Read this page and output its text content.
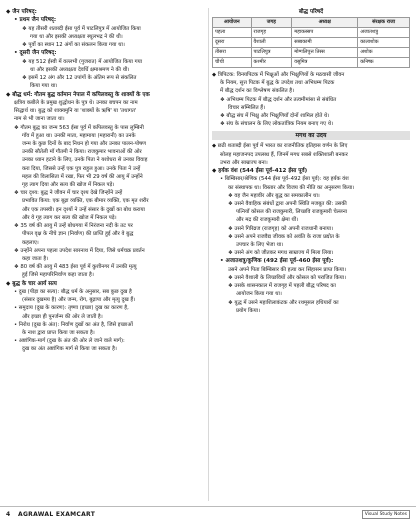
◆ जैन परिषद्:

• प्रथम जैन परिषद्:

❖ यह तीसरी शताब्दी ईसा पूर्व में पाटलिपुत्र में आयोजित किया

गया था और इसकी अध्यक्षता स्थूलभद्र ने की थी।

❖ पूर्वो का स्थान 12 अंगों का संकलन किया गया था।

• दूसरी जैन परिषद्:

❖ यह 512 ईस्वी में वल्लभी (गुजरात) में आयोजित किया गया

था और इसकी अध्यक्षता देवर्धि क्षमाश्रमण ने की थी।

❖ इसमें 12 अंग और 12 उपांगों के अंतिम रूप से संकलित

किया गया था।

◆ बौद्ध धर्म: गौतम बुद्ध वर्तमान नेपाल में कपिलवस्तु के शाक्यों के एक

क्षत्रिय कबीले के प्रमुख शुद्धोधन के पुत्र थे। उनका बचपन का नाम

सिद्धार्थ था। बुद्ध को शाक्यमुनि या 'शाक्यों के ऋषि' या 'तथागत'

नाम से भी जाना जाता था।

❖ गौतम बुद्ध का जन्म 563 ईसा पूर्व में कपिलवस्तु के पास लुम्बिनी

गाँव में हुआ था। उनकी माता, महामाया (महारानी) का उनके

जन्म के कुछ दिनों के बाद निधन हो गया और उनका पालन-पोषण

उनकी सौतेली माँ गौतमी ने किया। राजकुमार भावनाओं की ओर

उनका ध्यान हटाने के लिए, उनके पिता ने यशोधरा से उनका विवाह

करा दिया, जिससे उन्हें एक पुत्र राहुल हुआ। उनके पिता ने उन्हें

महल की विलासिता में रखा, फिर भी 29 वर्ष की आयु में उन्होंने

गृह त्याग दिया और सत्य की खोज में निकल पड़े।

❖ चार दृश्य: बुद्ध ने जीवन में चार दृश्य देखे जिन्होंने उन्हें

प्रभावित किया: एक बूढ़ा व्यक्ति, एक बीमार व्यक्ति, एक मृत शरीर

और एक तपस्वी। इन दृश्यों ने उन्हें संसार के दुखों का बोध कराया

और वे गृह त्याग कर सत्य की खोज में निकल पड़े।

❖ 35 वर्ष की आयु में उन्हें बोधगया में निरंजना नदी के तट पर

पीपल वृक्ष के नीचे ज्ञान (निर्वाण) की प्राप्ति हुई और वे बुद्ध

कहलाए।

❖ उन्होंने अपना पहला उपदेश सारनाथ में दिया, जिसे धर्मचक्र प्रवर्तन

कहा जाता है।

❖ 80 वर्ष की आयु में 483 ईसा पूर्व में कुशीनगर में उनकी मृत्यु

हुई जिसे महापरिनिर्वाण कहा जाता है।

◆ बुद्ध के चार आर्य सत्य

• दुख (पीड़ा का सत्य): बौद्ध धर्म के अनुसार, सब कुछ दुख है

(संसार दुखमय है) और जन्म, रोग, बुढ़ापा और मृत्यु दुख हैं।

• समुदाय (दुख के कारण): तृष्णा (इच्छा) दुख का कारण है,

और इच्छा ही पुनर्जन्म की ओर ले जाती है।

• निरोध (दुख के अंत): निर्वाण दुखों का अंत है, जिसे इच्छाओं

के नाश द्वारा प्राप्त किया जा सकता है।

• अष्टांगिक-मार्ग (दुख के अंत की ओर ले जाने वाले मार्ग):

दुख का अंत अष्टांगिक मार्ग से किया जा सकता है।

बौद्ध परिषदें
आयोजन	जगह	अध्यक्ष	संरक्षक राजा
पहला	राजगृह	महाकस्सप	अजातशत्रु
दूसरा	वैशाली	सब्बकामी	कालाशोक
तीसरा	पाटलिपुत्र	मोग्गलिपुत्त तिस्स	अशोक
चौथी	कश्मीर	वसुमित्र	कनिष्क

◆ त्रिपिटक: विनयपिटक में भिक्षुओं और भिक्षुणियों के मठवासी जीवन

के नियम, सुत्त पिटक में बुद्ध के उपदेश तथा अभिधम्म पिटक

में बौद्ध दर्शन का विश्लेषण संकलित है।

❖ अभिधम्म पिटक में बौद्ध दर्शन और तत्वमीमांसा से संबंधित

विचार सम्मिलित हैं।

❖ बौद्ध संघ में भिक्षु और भिक्षुणियाँ दोनों शामिल होते थे।

❖ संघ के संचालन के लिए लोकतांत्रिक नियम बनाए गए थे।

मगध का उदय

◆ छठी शताब्दी ईसा पूर्व में भारत का राजनीतिक इतिहास वर्णन के लिए

सोलह महाजनपद उपलब्ध हैं, जिनमें मगध सबसे शक्तिशाली बनकर

उभरा और साम्राज्य बना।

◆ हर्यक वंश (544 ईसा पूर्व–412 ईसा पूर्व)

• बिम्बिसार/श्रेणिक (544 ईसा पूर्व–492 ईसा पूर्व): वह हर्यक वंश

का संस्थापक था। विस्तार और विजय की नीति का अनुसरण किया।

❖ वह जैन महावीर और बुद्ध का समकालीन था।

❖ उसने वैवाहिक संबंधों द्वारा अपनी स्थिति मजबूत की: उसकी

पत्नियाँ कोसल की राजकुमारी, लिच्छवि राजकुमारी चेल्लना

और मद्र की राजकुमारी क्षेमा थीं।

❖ उसने गिरिव्रज (राजगृह) को अपनी राजधानी बनाया।

❖ उसने अपने राजवैद्य जीवक को अवंति के राजा प्रद्योत के

उपचार के लिए भेजा था।

❖ उसने अंग को जीतकर मगध साम्राज्य में मिला लिया।

• अजातशत्रु/कुणिक (492 ईसा पूर्व–460 ईसा पूर्व):

उसने अपने पिता बिम्बिसार की हत्या कर सिंहासन प्राप्त किया।

❖ उसने वैशाली के लिच्छवियों और कोसल को पराजित किया।

❖ उसके शासनकाल में राजगृह में पहली बौद्ध परिषद का

आयोजन किया गया था।

❖ युद्ध में उसने महाशिलाकंटक और रथमूसल हथियारों का

प्रयोग किया।

4 AGRAWAL EXAMCART	Visual Study Notes
